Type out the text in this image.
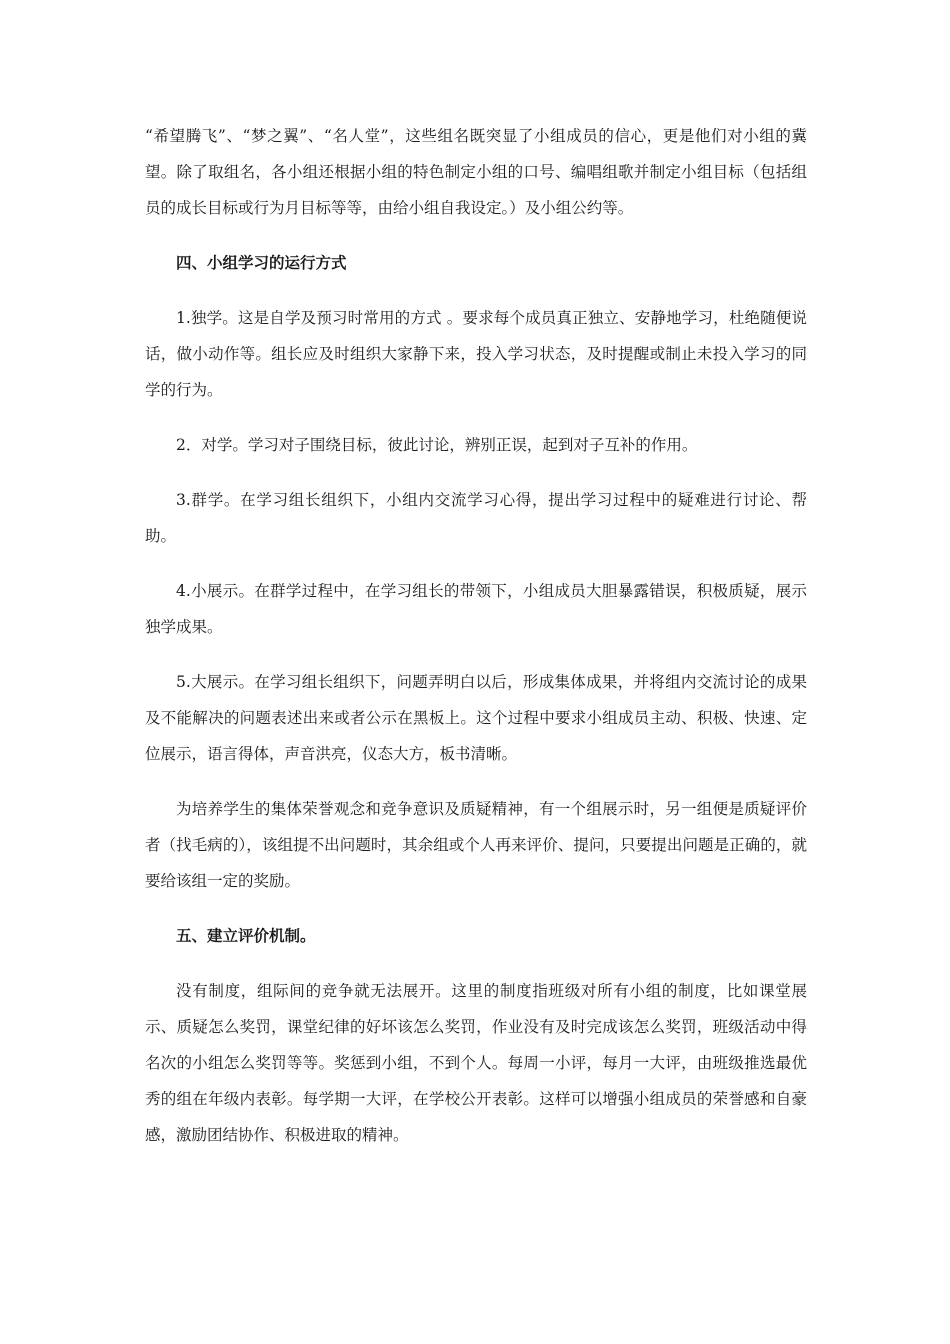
“希望腾飞”、“梦之翼”、“名人堂”，这些组名既突显了小组成员的信心，更是他们对小组的冀望。除了取组名，各小组还根据小组的特色制定小组的口号、编唱组歌并制定小组目标（包括组员的成长目标或行为月目标等等，由给小组自我设定。）及小组公约等。

四、小组学习的运行方式

1.独学。这是自学及预习时常用的方式 。要求每个成员真正独立、安静地学习，杜绝随便说话，做小动作等。组长应及时组织大家静下来，投入学习状态，及时提醒或制止未投入学习的同学的行为。

2．对学。学习对子围绕目标，彼此讨论，辨别正误，起到对子互补的作用。

3.群学。在学习组长组织下，小组内交流学习心得，提出学习过程中的疑难进行讨论、帮助。

4.小展示。在群学过程中，在学习组长的带领下，小组成员大胆暴露错误，积极质疑，展示独学成果。

5.大展示。在学习组长组织下，问题弄明白以后，形成集体成果，并将组内交流讨论的成果及不能解决的问题表述出来或者公示在黑板上。这个过程中要求小组成员主动、积极、快速、定位展示，语言得体，声音洪亮，仪态大方，板书清晰。

为培养学生的集体荣誉观念和竞争意识及质疑精神，有一个组展示时，另一组便是质疑评价者（找毛病的），该组提不出问题时，其余组或个人再来评价、提问，只要提出问题是正确的，就要给该组一定的奖励。

五、建立评价机制。

没有制度，组际间的竞争就无法展开。这里的制度指班级对所有小组的制度，比如课堂展示、质疑怎么奖罚，课堂纪律的好坏该怎么奖罚，作业没有及时完成该怎么奖罚，班级活动中得名次的小组怎么奖罚等等。奖惩到小组，不到个人。每周一小评，每月一大评，由班级推选最优秀的组在年级内表彰。每学期一大评，在学校公开表彰。这样可以增强小组成员的荣誉感和自豪感，激励团结协作、积极进取的精神。
